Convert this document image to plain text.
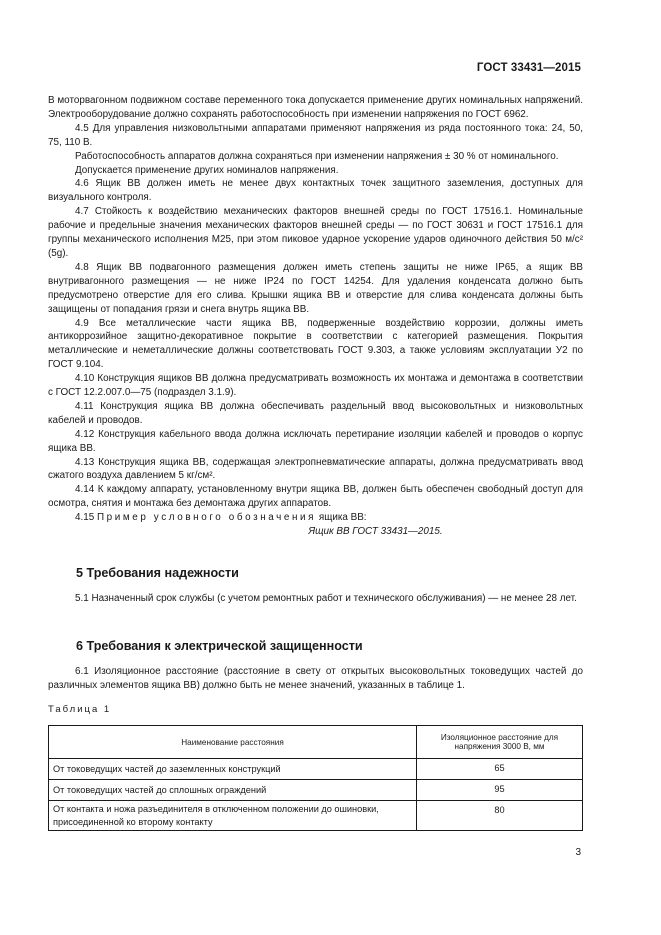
ГОСТ 33431—2015

В моторвагонном подвижном составе переменного тока допускается применение других номинальных напряжений. Электрооборудование должно сохранять работоспособность при изменении напряжения по ГОСТ 6962.

4.5 Для управления низковольтными аппаратами применяют напряжения из ряда постоянного тока: 24, 50, 75, 110 В.

Работоспособность аппаратов должна сохраняться при изменении напряжения ± 30 % от номинального.

Допускается применение других номиналов напряжения.

4.6 Ящик ВВ должен иметь не менее двух контактных точек защитного заземления, доступных для визуального контроля.

4.7 Стойкость к воздействию механических факторов внешней среды по ГОСТ 17516.1. Номинальные рабочие и предельные значения механических факторов внешней среды — по ГОСТ 30631 и ГОСТ 17516.1 для группы механического исполнения М25, при этом пиковое ударное ускорение ударов одиночного действия 50 м/с² (5g).

4.8 Ящик ВВ подвагонного размещения должен иметь степень защиты не ниже IP65, а ящик ВВ внутривагонного размещения — не ниже IP24 по ГОСТ 14254. Для удаления конденсата должно быть предусмотрено отверстие для его слива. Крышки ящика ВВ и отверстие для слива конденсата должны быть защищены от попадания грязи и снега внутрь ящика ВВ.

4.9 Все металлические части ящика ВВ, подверженные воздействию коррозии, должны иметь антикоррозийное защитно-декоративное покрытие в соответствии с категорией размещения. Покрытия металлические и неметаллические должны соответствовать ГОСТ 9.303, а также условиям эксплуатации У2 по ГОСТ 9.104.

4.10 Конструкция ящиков ВВ должна предусматривать возможность их монтажа и демонтажа в соответствии с ГОСТ 12.2.007.0—75 (подраздел 3.1.9).

4.11 Конструкция ящика ВВ должна обеспечивать раздельный ввод высоковольтных и низковольтных кабелей и проводов.

4.12 Конструкция кабельного ввода должна исключать перетирание изоляции кабелей и проводов о корпус ящика ВВ.

4.13 Конструкция ящика ВВ, содержащая электропневматические аппараты, должна предусматривать ввод сжатого воздуха давлением 5 кг/см².

4.14 К каждому аппарату, установленному внутри ящика ВВ, должен быть обеспечен свободный доступ для осмотра, снятия и монтажа без демонтажа других аппаратов.

4.15 Пример условного обозначения ящика ВВ:

Ящик ВВ ГОСТ 33431—2015.

5 Требования надежности

5.1 Назначенный срок службы (с учетом ремонтных работ и технического обслуживания) — не менее 28 лет.

6 Требования к электрической защищенности

6.1 Изоляционное расстояние (расстояние в свету от открытых высоковольтных токоведущих частей до различных элементов ящика ВВ) должно быть не менее значений, указанных в таблице 1.

Таблица 1
Наименование расстояния	Изоляционное расстояние для напряжения 3000 В, мм
От токоведущих частей до заземленных конструкций	65
От токоведущих частей до сплошных ограждений	95
От контакта и ножа разъединителя в отключенном положении до ошиновки, присоединенной ко второму контакту	80
3
